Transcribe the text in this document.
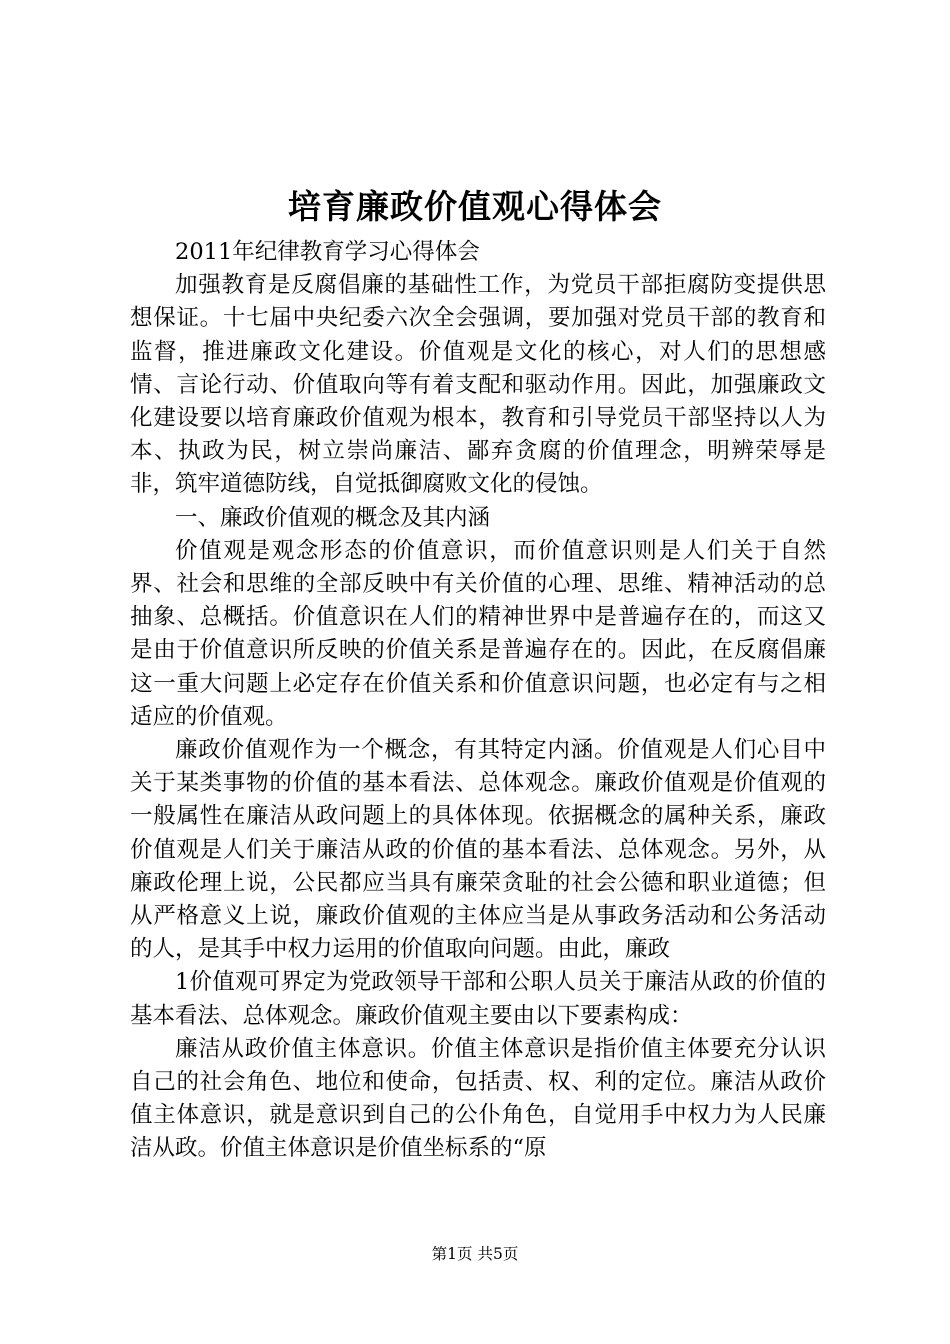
培育廉政价值观心得体会

2011年纪律教育学习心得体会

加强教育是反腐倡廉的基础性工作，为党员干部拒腐防变提供思想保证。十七届中央纪委六次全会强调，要加强对党员干部的教育和监督，推进廉政文化建设。价值观是文化的核心，对人们的思想感情、言论行动、价值取向等有着支配和驱动作用。因此，加强廉政文化建设要以培育廉政价值观为根本，教育和引导党员干部坚持以人为本、执政为民，树立崇尚廉洁、鄙弃贪腐的价值理念，明辨荣辱是非，筑牢道德防线，自觉抵御腐败文化的侵蚀。

一、廉政价值观的概念及其内涵

价值观是观念形态的价值意识，而价值意识则是人们关于自然界、社会和思维的全部反映中有关价值的心理、思维、精神活动的总抽象、总概括。价值意识在人们的精神世界中是普遍存在的，而这又是由于价值意识所反映的价值关系是普遍存在的。因此，在反腐倡廉这一重大问题上必定存在价值关系和价值意识问题，也必定有与之相适应的价值观。

廉政价值观作为一个概念，有其特定内涵。价值观是人们心目中关于某类事物的价值的基本看法、总体观念。廉政价值观是价值观的一般属性在廉洁从政问题上的具体体现。依据概念的属种关系，廉政价值观是人们关于廉洁从政的价值的基本看法、总体观念。另外，从廉政伦理上说，公民都应当具有廉荣贪耻的社会公德和职业道德；但从严格意义上说，廉政价值观的主体应当是从事政务活动和公务活动的人，是其手中权力运用的价值取向问题。由此，廉政

1价值观可界定为党政领导干部和公职人员关于廉洁从政的价值的基本看法、总体观念。廉政价值观主要由以下要素构成：

廉洁从政价值主体意识。价值主体意识是指价值主体要充分认识自己的社会角色、地位和使命，包括责、权、利的定位。廉洁从政价值主体意识，就是意识到自己的公仆角色，自觉用手中权力为人民廉洁从政。价值主体意识是价值坐标系的“原

第1页 共5页
